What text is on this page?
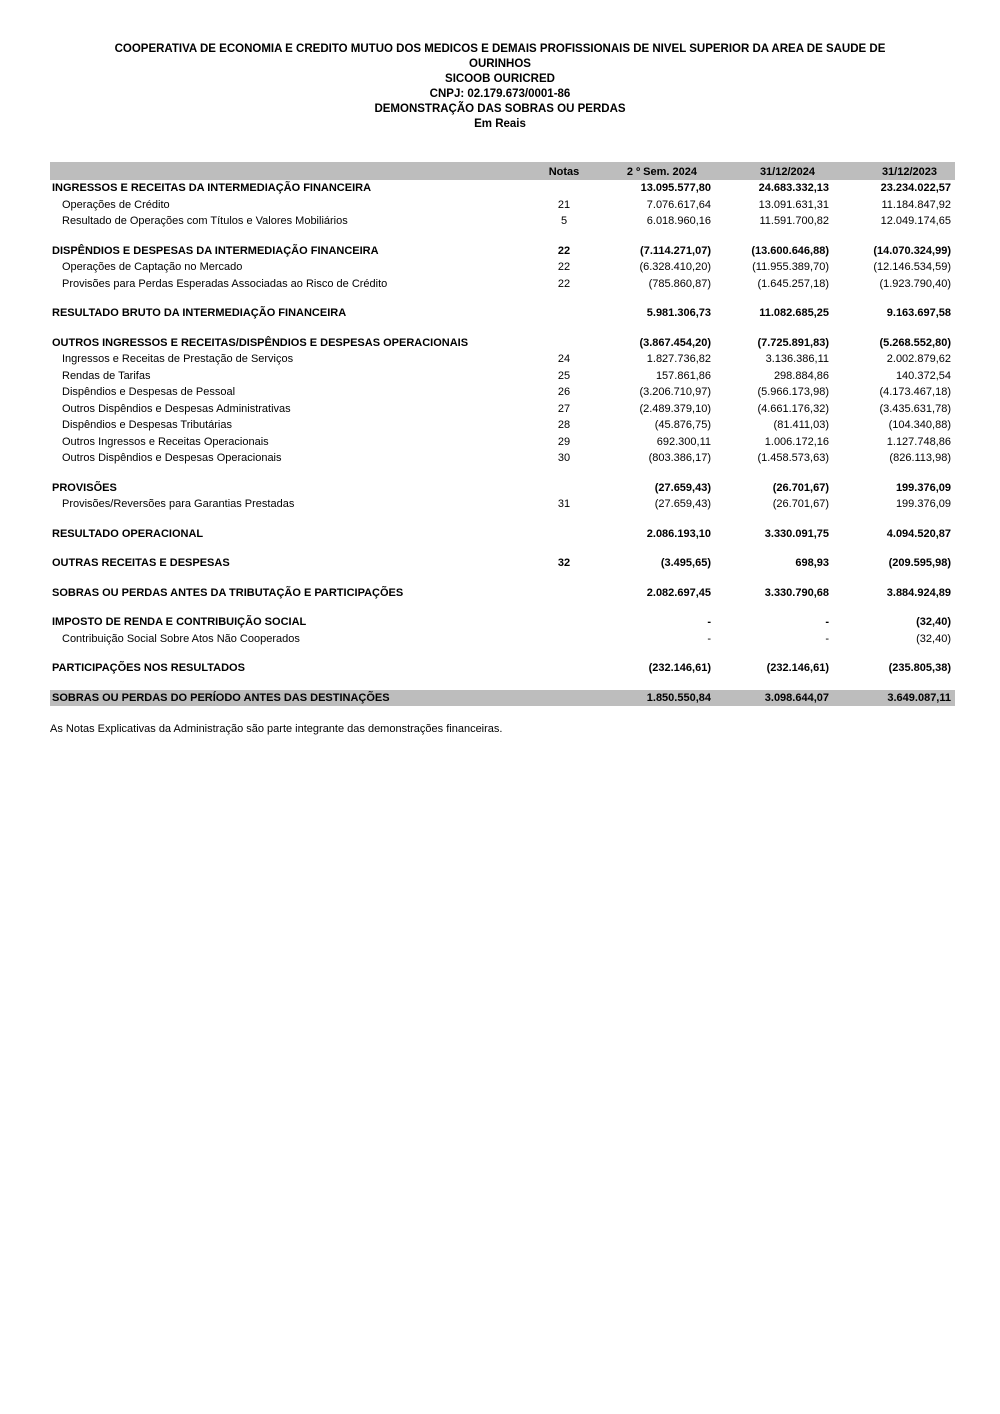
COOPERATIVA DE ECONOMIA E CREDITO MUTUO DOS MEDICOS E DEMAIS PROFISSIONAIS DE NIVEL SUPERIOR DA AREA DE SAUDE DE
OURINHOS
SICOOB OURICRED
CNPJ: 02.179.673/0001-86
DEMONSTRAÇÃO DAS SOBRAS OU PERDAS
Em Reais
	Notas	2 º Sem. 2024	31/12/2024	31/12/2023
INGRESSOS E RECEITAS DA INTERMEDIAÇÃO FINANCEIRA		13.095.577,80	24.683.332,13	23.234.022,57
Operações de Crédito	21	7.076.617,64	13.091.631,31	11.184.847,92
Resultado de Operações com Títulos e Valores Mobiliários	5	6.018.960,16	11.591.700,82	12.049.174,65

DISPÊNDIOS E DESPESAS DA INTERMEDIAÇÃO FINANCEIRA	22	(7.114.271,07)	(13.600.646,88)	(14.070.324,99)
Operações de Captação no Mercado	22	(6.328.410,20)	(11.955.389,70)	(12.146.534,59)
Provisões para Perdas Esperadas Associadas ao Risco de Crédito	22	(785.860,87)	(1.645.257,18)	(1.923.790,40)

RESULTADO BRUTO DA INTERMEDIAÇÃO FINANCEIRA		5.981.306,73	11.082.685,25	9.163.697,58

OUTROS INGRESSOS E RECEITAS/DISPÊNDIOS E DESPESAS OPERACIONAIS		(3.867.454,20)	(7.725.891,83)	(5.268.552,80)
Ingressos e Receitas de Prestação de Serviços	24	1.827.736,82	3.136.386,11	2.002.879,62
Rendas de Tarifas	25	157.861,86	298.884,86	140.372,54
Dispêndios e Despesas de Pessoal	26	(3.206.710,97)	(5.966.173,98)	(4.173.467,18)
Outros Dispêndios e Despesas Administrativas	27	(2.489.379,10)	(4.661.176,32)	(3.435.631,78)
Dispêndios e Despesas Tributárias	28	(45.876,75)	(81.411,03)	(104.340,88)
Outros Ingressos e Receitas Operacionais	29	692.300,11	1.006.172,16	1.127.748,86
Outros Dispêndios e Despesas Operacionais	30	(803.386,17)	(1.458.573,63)	(826.113,98)

PROVISÕES		(27.659,43)	(26.701,67)	199.376,09
Provisões/Reversões para Garantias Prestadas	31	(27.659,43)	(26.701,67)	199.376,09

RESULTADO OPERACIONAL		2.086.193,10	3.330.091,75	4.094.520,87

OUTRAS RECEITAS E DESPESAS	32	(3.495,65)	698,93	(209.595,98)

SOBRAS OU PERDAS ANTES DA TRIBUTAÇÃO E PARTICIPAÇÕES		2.082.697,45	3.330.790,68	3.884.924,89

IMPOSTO DE RENDA E CONTRIBUIÇÃO SOCIAL		-	-	(32,40)
Contribuição Social Sobre Atos Não Cooperados		-	-	(32,40)

PARTICIPAÇÕES NOS RESULTADOS		(232.146,61)	(232.146,61)	(235.805,38)

SOBRAS OU PERDAS DO PERÍODO ANTES DAS DESTINAÇÕES		1.850.550,84	3.098.644,07	3.649.087,11

As Notas Explicativas da Administração são parte integrante das demonstrações financeiras.
